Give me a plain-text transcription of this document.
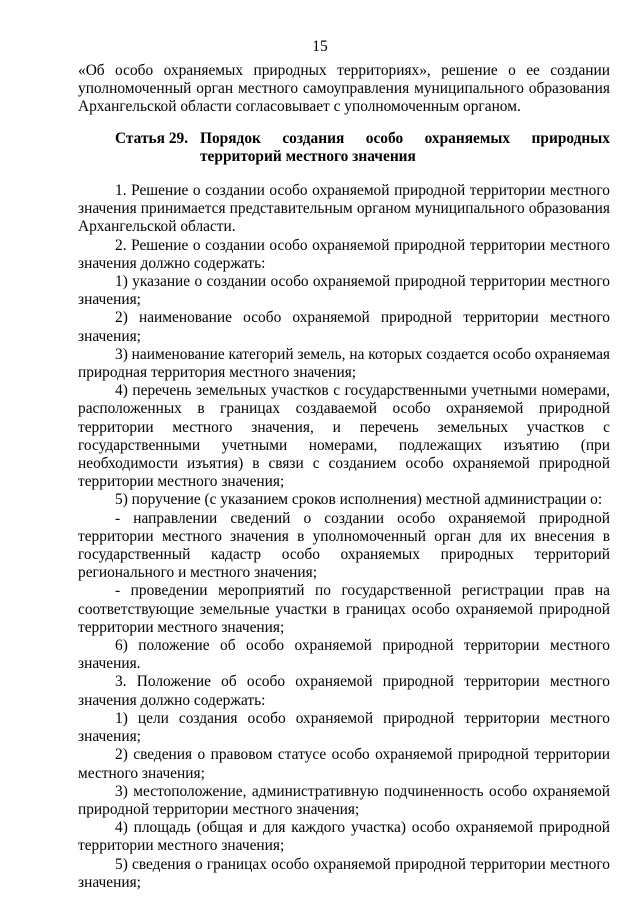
15

«Об особо охраняемых природных территориях», решение о ее создании уполномоченный орган местного самоуправления муниципального образования Архангельской области согласовывает с уполномоченным органом.

Статья 29. Порядок создания особо охраняемых природных территорий местного значения

1. Решение о создании особо охраняемой природной территории местного значения принимается представительным органом муниципального образования Архангельской области.

2. Решение о создании особо охраняемой природной территории местного значения должно содержать:

1) указание о создании особо охраняемой природной территории местного значения;

2) наименование особо охраняемой природной территории местного значения;

3) наименование категорий земель, на которых создается особо охраняемая природная территория местного значения;

4) перечень земельных участков с государственными учетными номерами, расположенных в границах создаваемой особо охраняемой природной территории местного значения, и перечень земельных участков с государственными учетными номерами, подлежащих изъятию (при необходимости изъятия) в связи с созданием особо охраняемой природной территории местного значения;

5) поручение (с указанием сроков исполнения) местной администрации о:

- направлении сведений о создании особо охраняемой природной территории местного значения в уполномоченный орган для их внесения в государственный кадастр особо охраняемых природных территорий регионального и местного значения;

- проведении мероприятий по государственной регистрации прав на соответствующие земельные участки в границах особо охраняемой природной территории местного значения;

6) положение об особо охраняемой природной территории местного значения.

3. Положение об особо охраняемой природной территории местного значения должно содержать:

1) цели создания особо охраняемой природной территории местного значения;

2) сведения о правовом статусе особо охраняемой природной территории местного значения;

3) местоположение, административную подчиненность особо охраняемой природной территории местного значения;

4) площадь (общая и для каждого участка) особо охраняемой природной территории местного значения;

5) сведения о границах особо охраняемой природной территории местного значения;
